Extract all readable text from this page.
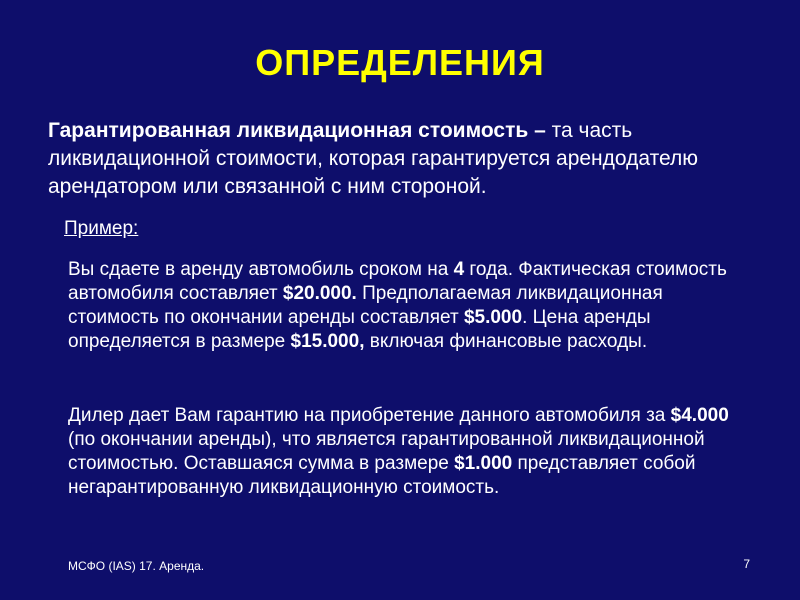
ОПРЕДЕЛЕНИЯ
Гарантированная ликвидационная стоимость – та часть ликвидационной стоимости, которая гарантируется арендодателю арендатором или связанной с ним стороной.
Пример:
Вы сдаете в аренду автомобиль сроком на 4 года. Фактическая стоимость автомобиля составляет $20.000. Предполагаемая ликвидационная стоимость по окончании аренды составляет $5.000. Цена аренды определяется в размере $15.000, включая финансовые расходы.
Дилер дает Вам гарантию на приобретение данного автомобиля за $4.000 (по окончании аренды), что является гарантированной ликвидационной стоимостью. Оставшаяся сумма в размере $1.000 представляет собой негарантированную ликвидационную стоимость.
МСФО (IAS) 17. Аренда.	7
